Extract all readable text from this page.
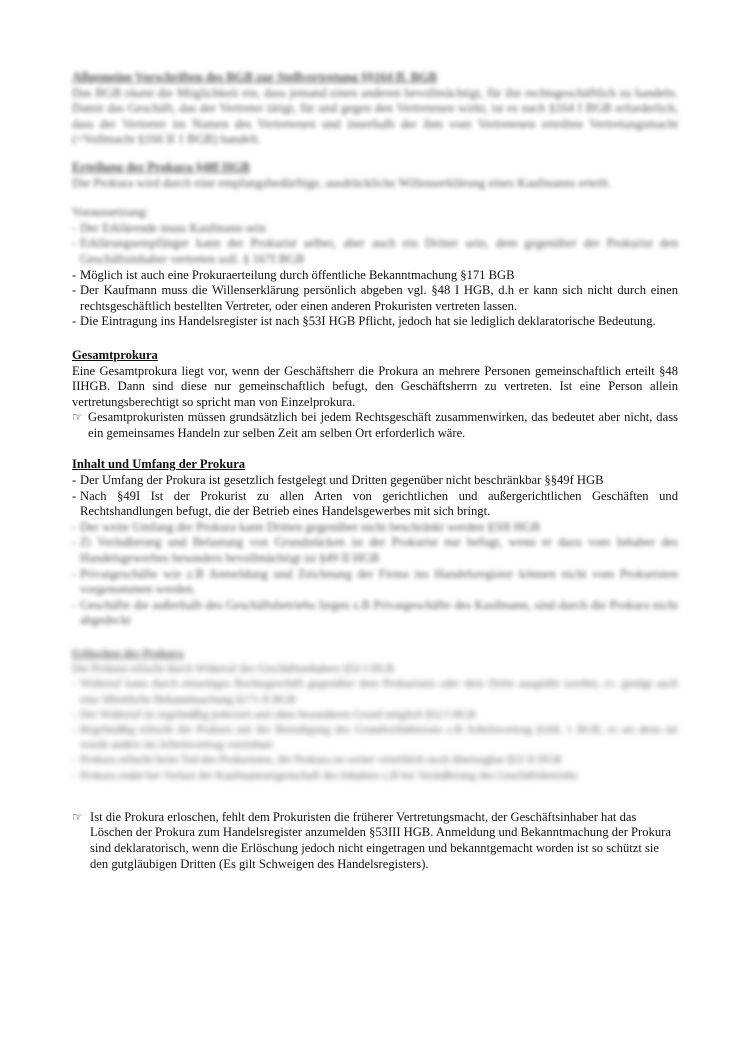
Allgemeine Vorschriften des BGB zur Stellvertretung §§164 ff. BGB

Das BGB räumt die Möglichkeit ein, dass jemand einen anderen bevollmächtigt, für ihn rechtsgeschäftlich zu handeln. Damit das Geschäft, das der Vertreter tätigt, für und gegen den Vertretenen wirkt, ist es nach §164 I BGB erforderlich, dass der Vertreter im Namen des Vertretenen und innerhalb der ihm vom Vertretenen erteilten Vertretungsmacht (=Vollmacht §166 II 1 BGB) handelt.

Erteilung der Prokura §48f HGB

Die Prokura wird durch eine empfangsbedürftige, ausdrückliche Willenserklärung eines Kaufmanns erteilt.

Voraussetzung:
- Der Erklärende muss Kaufmann sein
- Erklärungsempfänger kann der Prokurist selber, aber auch ein Dritter sein, dem gegenüber der Prokurist den Geschäftsinhaber vertreten soll. § 167I BGB
- Möglich ist auch eine Prokuraerteilung durch öffentliche Bekanntmachung §171 BGB
- Der Kaufmann muss die Willenserklärung persönlich abgeben vgl. §48 I HGB, d.h er kann sich nicht durch einen rechtsgeschäftlich bestellten Vertreter, oder einen anderen Prokuristen vertreten lassen.
- Die Eintragung ins Handelsregister ist nach §53I HGB Pflicht, jedoch hat sie lediglich deklaratorische Bedeutung.
Gesamtprokura

Eine Gesamtprokura liegt vor, wenn der Geschäftsherr die Prokura an mehrere Personen gemeinschaftlich erteilt §48 IIHGB. Dann sind diese nur gemeinschaftlich befugt, den Geschäftsherrn zu vertreten. Ist eine Person allein vertretungsberechtigt so spricht man von Einzelprokura.

☞ Gesamtprokuristen müssen grundsätzlich bei jedem Rechtsgeschäft zusammenwirken, das bedeutet aber nicht, dass ein gemeinsames Handeln zur selben Zeit am selben Ort erforderlich wäre.
Inhalt und Umfang der Prokura
- Der Umfang der Prokura ist gesetzlich festgelegt und Dritten gegenüber nicht beschränkbar §§49f HGB
- Nach §49I Ist der Prokurist zu allen Arten von gerichtlichen und außergerichtlichen Geschäften und Rechtshandlungen befugt, die der Betrieb eines Handelsgewerbes mit sich bringt.
- Der weite Umfang der Prokura kann Dritten gegenüber nicht beschränkt werden §50I HGB
- Zi Veräußerung und Belastung von Grundstücken ist der Prokurist nur befugt, wenn er dazu vom Inhaber des Handelsgewerbes besonders bevollmächtigt ist §49 II HGB
- Privatgeschäfte wie z.B Anmeldung und Zeichnung der Firma ins Handelsregister können nicht vom Prokuristen vorgenommen werden.
- Geschäfte die außerhalb des Geschäftsbetriebs liegen z.B Privatgeschäfte des Kaufmann, sind durch die Prokura nicht abgedeckt
Erlöschen der Prokura
Die Prokura erlischt durch Widerruf des Geschäftsinhabers §52 I HGB
- Widerruf kann durch einseitiges Rechtsgeschäft gegenüber dem Prokuristen oder dem Dritte ausgeübt werden, ev. genügt auch eine öffentliche Bekanntmachung §171 II BGB
- Der Widerruf ist regelmäßig jederzeit und ohne besonderen Grund möglich §52 I HGB
- Regelmäßig erlischt die Prokura mit der Beendigung des Grundverhältnisses z.B Arbeitsvertrag §168, 1 BGB, es sei denn sie wurde anders im Arbeitsvertrag vereinbart
- Prokura erlischt beim Tod des Prokuristen, die Prokura ist weiter vererblich noch übertragbar §52 II HGB
- Prokura endet bei Verlust der Kaufmannseigenschaft des Inhabers z.B bei Veräußerung des Geschäftsbetriebs
☞ Ist die Prokura erloschen, fehlt dem Prokuristen die früherer Vertretungsmacht, der Geschäftsinhaber hat das Löschen der Prokura zum Handelsregister anzumelden §53III HGB. Anmeldung und Bekanntmachung der Prokura sind deklaratorisch, wenn die Erlöschung jedoch nicht eingetragen und bekanntgemacht worden ist so schützt sie den gutgläubigen Dritten (Es gilt Schweigen des Handelsregisters).
